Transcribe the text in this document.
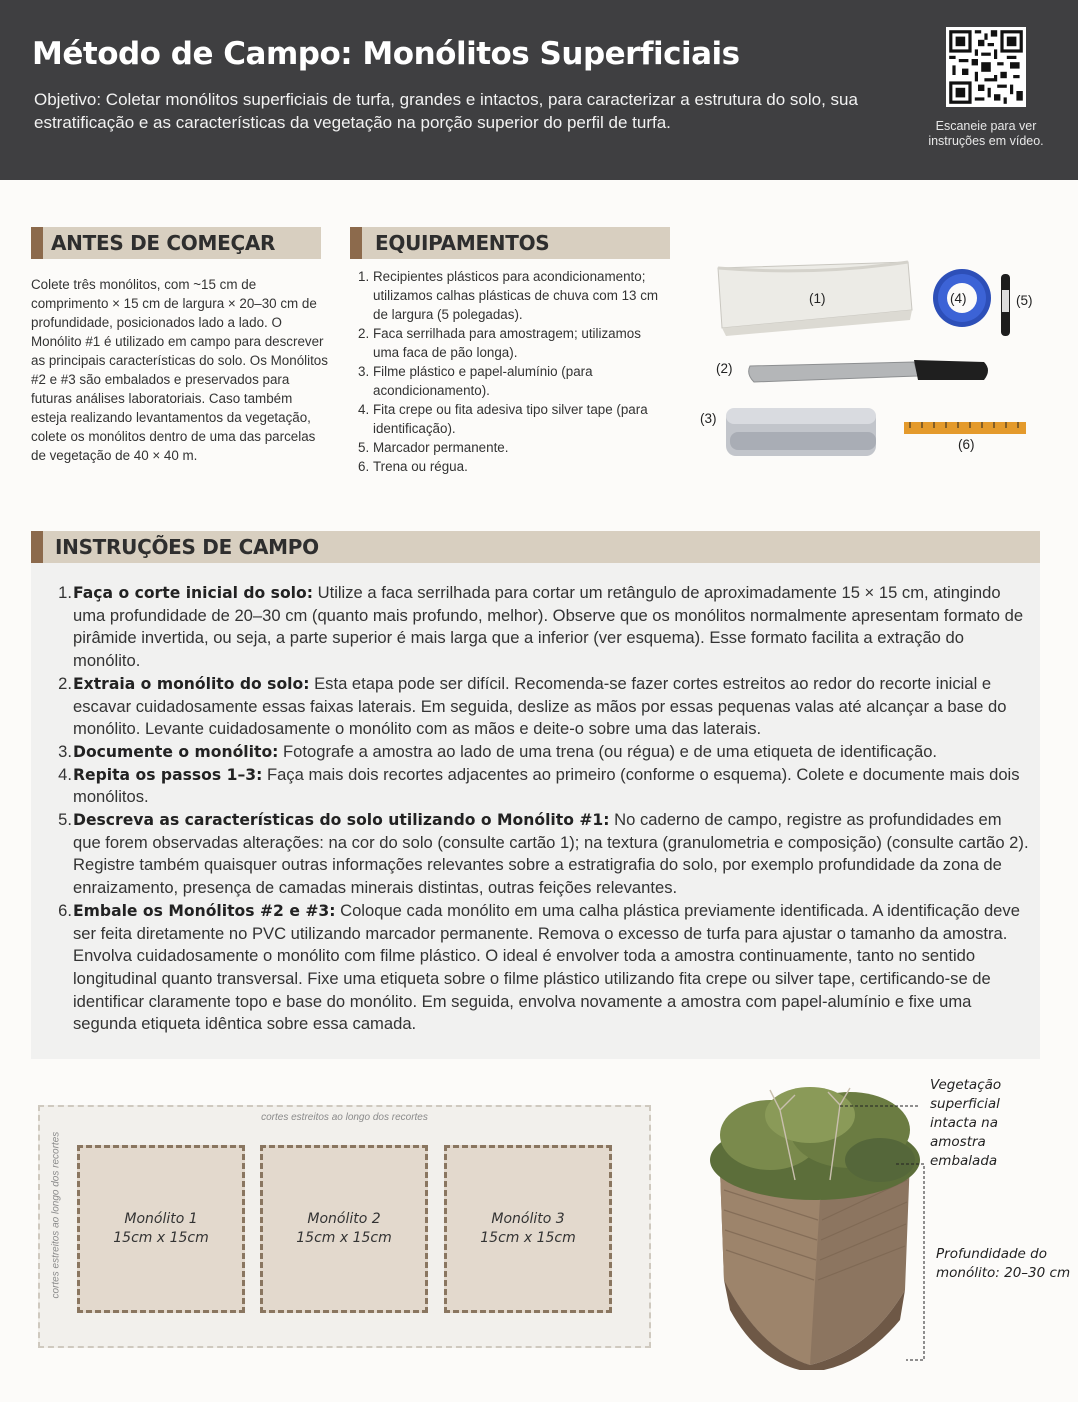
Método de Campo: Monólitos Superficiais

Objetivo: Coletar monólitos superficiais de turfa, grandes e intactos, para caracterizar a estrutura do solo, sua estratificação e as características da vegetação na porção superior do perfil de turfa.	Escaneie para ver instruções em vídeo.
ANTES DE COMEÇAR

Colete três monólitos, com ~15 cm de comprimento × 15 cm de largura × 20–30 cm de profundidade, posicionados lado a lado. O Monólito #1 é utilizado em campo para descrever as principais características do solo. Os Monólitos #2 e #3 são embalados e preservados para futuras análises laboratoriais. Caso também esteja realizando levantamentos da vegetação, colete os monólitos dentro de uma das parcelas de vegetação de 40 × 40 m.

EQUIPAMENTOS
1. Recipientes plásticos para acondicionamento; utilizamos calhas plásticas de chuva com 13 cm de largura (5 polegadas).
2. Faca serrilhada para amostragem; utilizamos uma faca de pão longa).
3. Filme plástico e papel-alumínio (para acondicionamento).
4. Fita crepe ou fita adesiva tipo silver tape (para identificação).
5. Marcador permanente.
6. Trena ou régua.
(1)
(2)
(3)
(4)	(5)
(6)
INSTRUÇÕES DE CAMPO
1. Faça o corte inicial do solo: Utilize a faca serrilhada para cortar um retângulo de aproximadamente 15 × 15 cm, atingindo uma profundidade de 20–30 cm (quanto mais profundo, melhor). Observe que os monólitos normalmente apresentam formato de pirâmide invertida, ou seja, a parte superior é mais larga que a inferior (ver esquema). Esse formato facilita a extração do monólito.
2. Extraia o monólito do solo: Esta etapa pode ser difícil. Recomenda-se fazer cortes estreitos ao redor do recorte inicial e escavar cuidadosamente essas faixas laterais. Em seguida, deslize as mãos por essas pequenas valas até alcançar a base do monólito. Levante cuidadosamente o monólito com as mãos e deite-o sobre uma das laterais.
3. Documente o monólito: Fotografe a amostra ao lado de uma trena (ou régua) e de uma etiqueta de identificação.
4. Repita os passos 1–3: Faça mais dois recortes adjacentes ao primeiro (conforme o esquema). Colete e documente mais dois monólitos.
5. Descreva as características do solo utilizando o Monólito #1: No caderno de campo, registre as profundidades em que forem observadas alterações: na cor do solo (consulte cartão 1); na textura (granulometria e composição) (consulte cartão 2). Registre também quaisquer outras informações relevantes sobre a estratigrafia do solo, por exemplo profundidade da zona de enraizamento, presença de camadas minerais distintas, outras feições relevantes.
6. Embale os Monólitos #2 e #3: Coloque cada monólito em uma calha plástica previamente identificada. A identificação deve ser feita diretamente no PVC utilizando marcador permanente. Remova o excesso de turfa para ajustar o tamanho da amostra. Envolva cuidadosamente o monólito com filme plástico. O ideal é envolver toda a amostra continuamente, tanto no sentido longitudinal quanto transversal. Fixe uma etiqueta sobre o filme plástico utilizando fita crepe ou silver tape, certificando-se de identificar claramente topo e base do monólito. Em seguida, envolva novamente a amostra com papel-alumínio e fixe uma segunda etiqueta idêntica sobre essa camada.
cortes estreitos ao longo dos recortes
cortes estreitos ao longo dos recortes	Monólito 1
15cm x 15cm
Monólito 2
15cm x 15cm
Monólito 3
15cm x 15cm
Vegetação superficial intacta na amostra embalada
Profundidade do monólito: 20–30 cm
